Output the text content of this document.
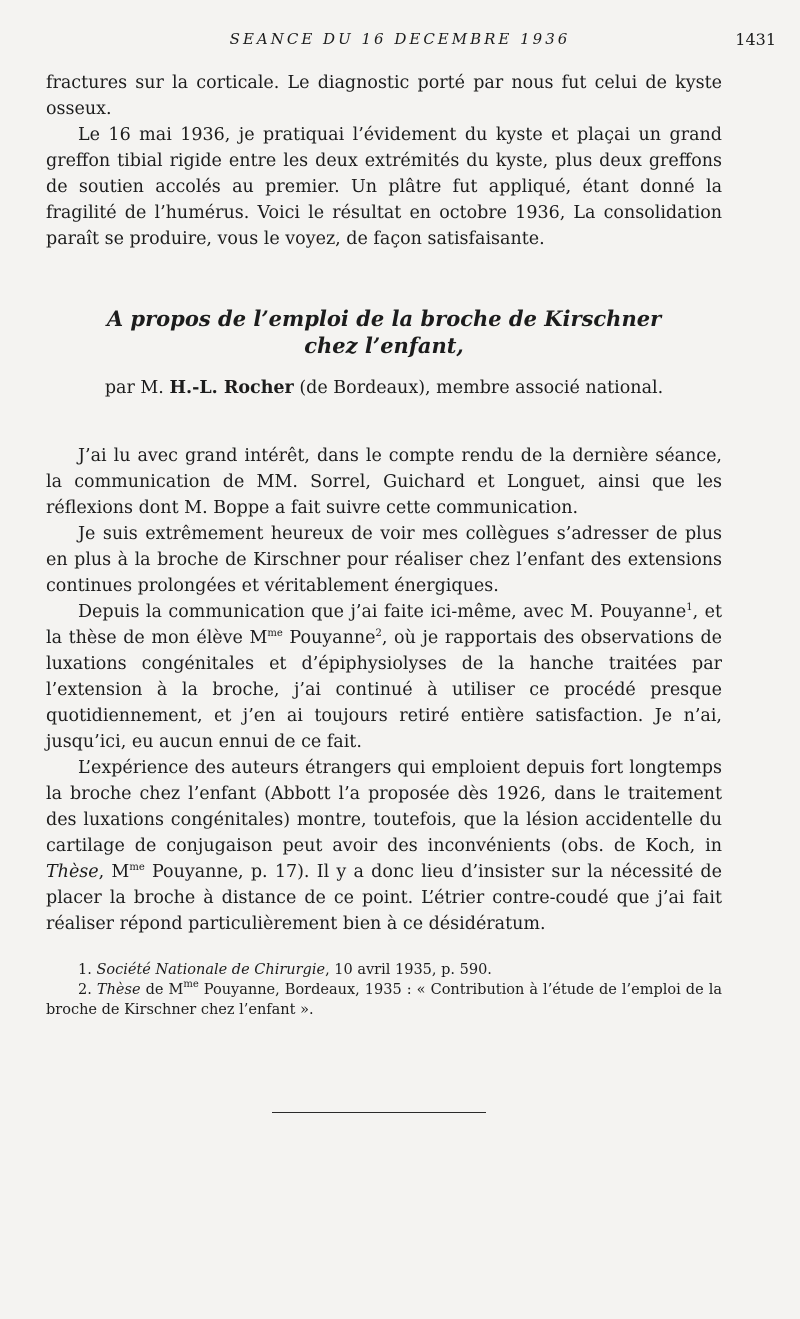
SEANCE DU 16 DECEMBRE 1936	1431

fractures sur la corticale. Le diagnostic porté par nous fut celui de kyste osseux.

Le 16 mai 1936, je pratiquai l’évidement du kyste et plaçai un grand greffon tibial rigide entre les deux extrémités du kyste, plus deux greffons de soutien accolés au premier. Un plâtre fut appliqué, étant donné la fragilité de l’humérus. Voici le résultat en octobre 1936, La consolidation paraît se produire, vous le voyez, de façon satisfaisante.

A propos de l’emploi de la broche de Kirschner
chez l’enfant,
par M. H.-L. Rocher (de Bordeaux), membre associé national.

J’ai lu avec grand intérêt, dans le compte rendu de la dernière séance, la communication de MM. Sorrel, Guichard et Longuet, ainsi que les réflexions dont M. Boppe a fait suivre cette communication.

Je suis extrêmement heureux de voir mes collègues s’adresser de plus en plus à la broche de Kirschner pour réaliser chez l’enfant des extensions continues prolongées et véritablement énergiques.

Depuis la communication que j’ai faite ici-même, avec M. Pouyanne$^1$, et la thèse de mon élève $M^{me}$ Pouyanne$^2$, où je rapportais des observations de luxations congénitales et d’épiphysiolyses de la hanche traitées par l’extension à la broche, j’ai continué à utiliser ce procédé presque quotidiennement, et j’en ai toujours retiré entière satisfaction. Je n’ai, jusqu’ici, eu aucun ennui de ce fait.

L’expérience des auteurs étrangers qui emploient depuis fort longtemps la broche chez l’enfant (Abbott l’a proposée dès 1926, dans le traitement des luxations congénitales) montre, toutefois, que la lésion accidentelle du cartilage de conjugaison peut avoir des inconvénients (obs. de Koch, in Thèse, $M^{me}$ Pouyanne, p. 17). Il y a donc lieu d’insister sur la nécessité de placer la broche à distance de ce point. L’étrier contre-coudé que j’ai fait réaliser répond particulièrement bien à ce désidératum.

1. Société Nationale de Chirurgie, 10 avril 1935, p. 590.

2. Thèse de $M^{me}$ Pouyanne, Bordeaux, 1935 : « Contribution à l’étude de l’emploi de la broche de Kirschner chez l’enfant ».
